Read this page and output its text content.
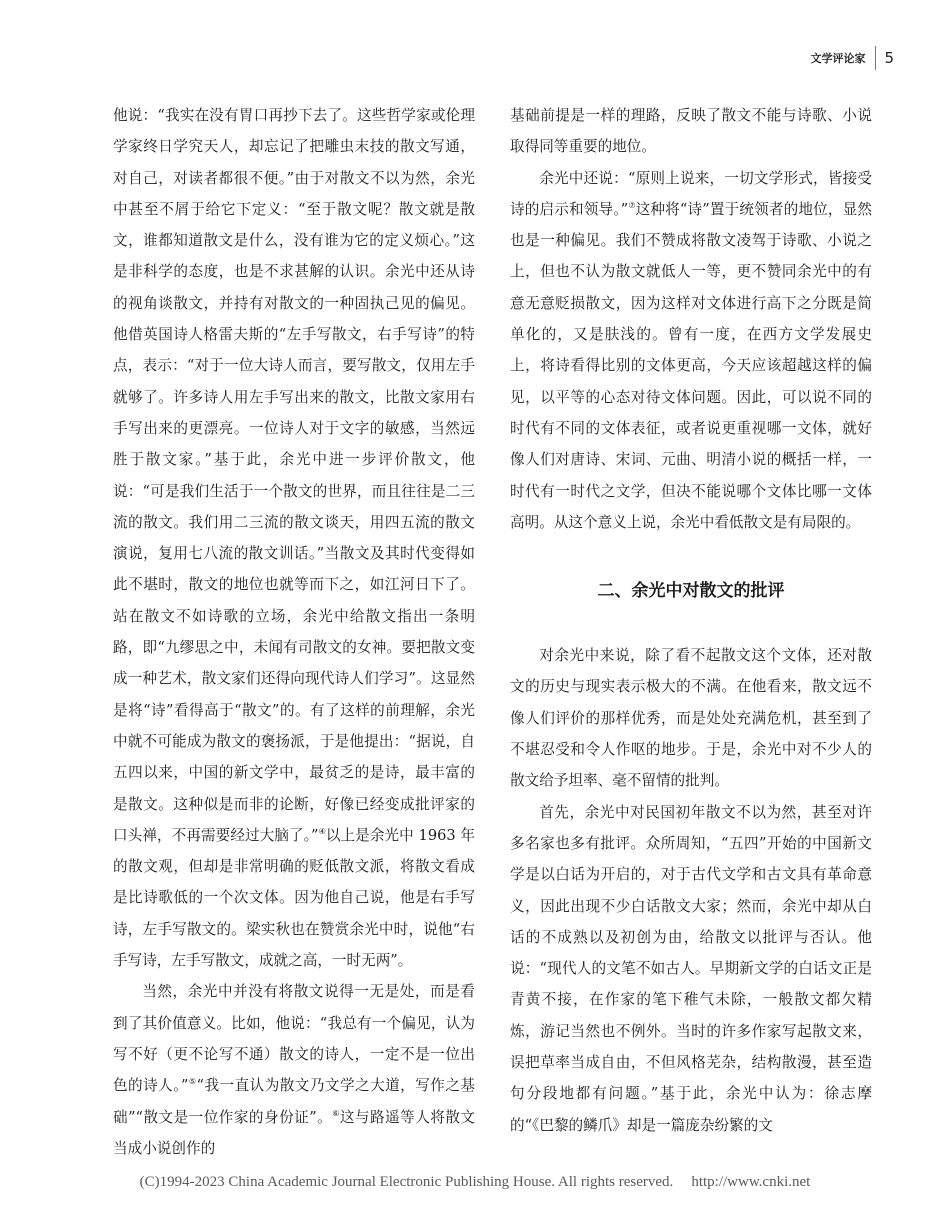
文学评论家	5

他说：“我实在没有胃口再抄下去了。这些哲学家或伦理学家终日学究天人，却忘记了把雕虫末技的散文写通，对自己，对读者都很不便。”由于对散文不以为然，余光中甚至不屑于给它下定义：“至于散文呢？散文就是散文，谁都知道散文是什么，没有谁为它的定义烦心。”这是非科学的态度，也是不求甚解的认识。余光中还从诗的视角谈散文，并持有对散文的一种固执己见的偏见。他借英国诗人格雷夫斯的“左手写散文，右手写诗”的特点，表示：“对于一位大诗人而言，要写散文，仅用左手就够了。许多诗人用左手写出来的散文，比散文家用右手写出来的更漂亮。一位诗人对于文字的敏感，当然远胜于散文家。”基于此，余光中进一步评价散文，他说：“可是我们生活于一个散文的世界，而且往往是二三流的散文。我们用二三流的散文谈天，用四五流的散文演说，复用七八流的散文训话。”当散文及其时代变得如此不堪时，散文的地位也就等而下之，如江河日下了。站在散文不如诗歌的立场，余光中给散文指出一条明路，即“九缪思之中，未闻有司散文的女神。要把散文变成一种艺术，散文家们还得向现代诗人们学习”。这显然是将“诗”看得高于“散文”的。有了这样的前理解，余光中就不可能成为散文的褒扬派，于是他提出：“据说，自五四以来，中国的新文学中，最贫乏的是诗，最丰富的是散文。这种似是而非的论断，好像已经变成批评家的口头禅，不再需要经过大脑了。”④以上是余光中 1963 年的散文观，但却是非常明确的贬低散文派，将散文看成是比诗歌低的一个次文体。因为他自己说，他是右手写诗，左手写散文的。梁实秋也在赞赏余光中时，说他“右手写诗，左手写散文，成就之高，一时无两”。

当然，余光中并没有将散文说得一无是处，而是看到了其价值意义。比如，他说：“我总有一个偏见，认为写不好（更不论写不通）散文的诗人，一定不是一位出色的诗人。”⑤“我一直认为散文乃文学之大道，写作之基础”“散文是一位作家的身份证”。⑥这与路遥等人将散文当成小说创作的

基础前提是一样的理路，反映了散文不能与诗歌、小说取得同等重要的地位。

余光中还说：“原则上说来，一切文学形式，皆接受诗的启示和领导。”⑦这种将“诗”置于统领者的地位，显然也是一种偏见。我们不赞成将散文凌驾于诗歌、小说之上，但也不认为散文就低人一等，更不赞同余光中的有意无意贬损散文，因为这样对文体进行高下之分既是简单化的，又是肤浅的。曾有一度，在西方文学发展史上，将诗看得比别的文体更高，今天应该超越这样的偏见，以平等的心态对待文体问题。因此，可以说不同的时代有不同的文体表征，或者说更重视哪一文体，就好像人们对唐诗、宋词、元曲、明清小说的概括一样，一时代有一时代之文学，但决不能说哪个文体比哪一文体高明。从这个意义上说，余光中看低散文是有局限的。

二、余光中对散文的批评

对余光中来说，除了看不起散文这个文体，还对散文的历史与现实表示极大的不满。在他看来，散文远不像人们评价的那样优秀，而是处处充满危机，甚至到了不堪忍受和令人作呕的地步。于是，余光中对不少人的散文给予坦率、毫不留情的批判。

首先，余光中对民国初年散文不以为然，甚至对许多名家也多有批评。众所周知，“五四”开始的中国新文学是以白话为开启的，对于古代文学和古文具有革命意义，因此出现不少白话散文大家；然而，余光中却从白话的不成熟以及初创为由，给散文以批评与否认。他说：“现代人的文笔不如古人。早期新文学的白话文正是青黄不接，在作家的笔下稚气未除，一般散文都欠精炼，游记当然也不例外。当时的许多作家写起散文来，误把草率当成自由，不但风格芜杂，结构散漫，甚至造句分段地都有问题。”基于此，余光中认为：徐志摩的“《巴黎的鳞爪》却是一篇庞杂纷繁的文

(C)1994-2023 China Academic Journal Electronic Publishing House. All rights reserved. http://www.cnki.net
